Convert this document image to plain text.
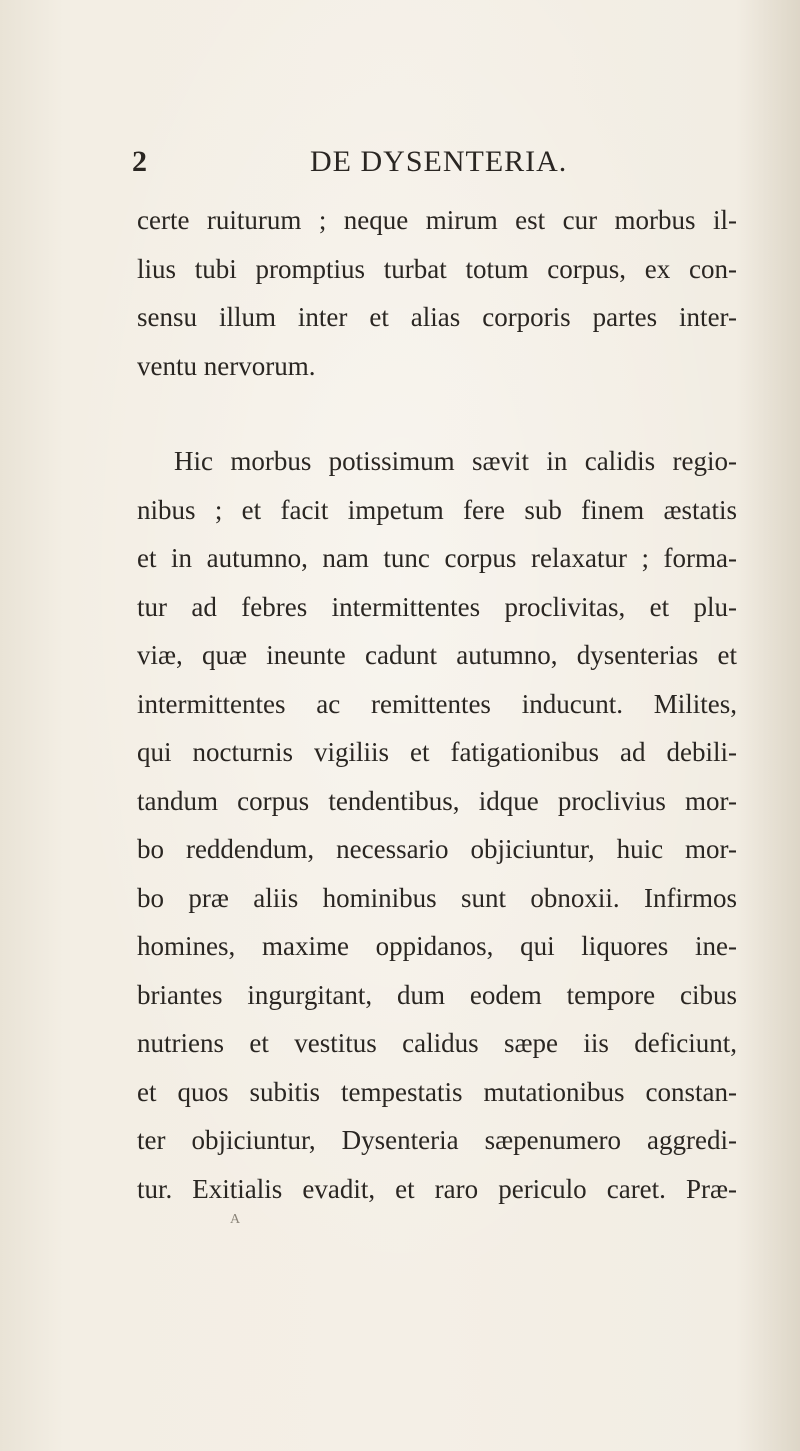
2	DE DYSENTERIA.
certe ruiturum ; neque mirum est cur morbus il-
lius tubi promptius turbat totum corpus, ex con-
sensu illum inter et alias corporis partes inter-
ventu nervorum.
Hic morbus potissimum sævit in calidis regio-
nibus ; et facit impetum fere sub finem æstatis
et in autumno, nam tunc corpus relaxatur ; forma-
tur ad febres intermittentes proclivitas, et plu-
viæ, quæ ineunte cadunt autumno, dysenterias et
intermittentes ac remittentes inducunt. Milites,
qui nocturnis vigiliis et fatigationibus ad debili-
tandum corpus tendentibus, idque proclivius mor-
bo reddendum, necessario objiciuntur, huic mor-
bo præ aliis hominibus sunt obnoxii. Infirmos
homines, maxime oppidanos, qui liquores ine-
briantes ingurgitant, dum eodem tempore cibus
nutriens et vestitus calidus sæpe iis deficiunt,
et quos subitis tempestatis mutationibus constan-
ter objiciuntur, Dysenteria sæpenumero aggredi-
tur. Exitialis evadit, et raro periculo caret. Præ-
A
